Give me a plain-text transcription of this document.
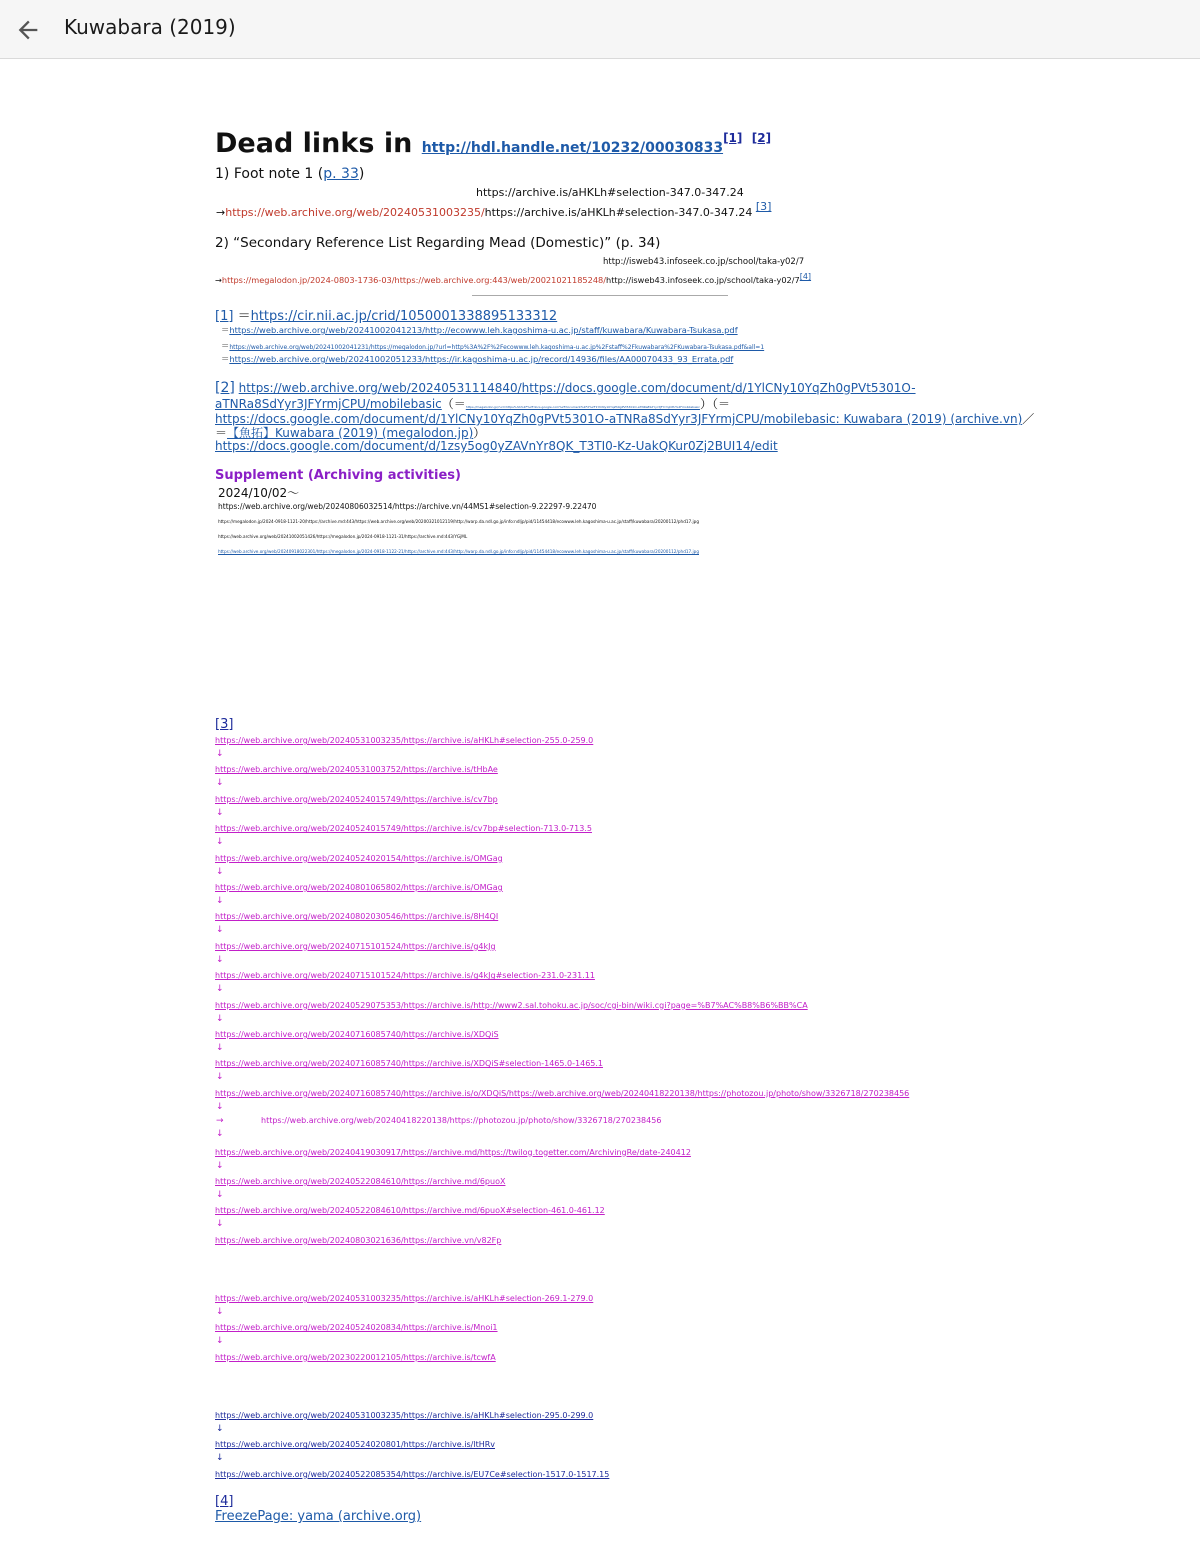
Kuwabara (2019)
Dead links in http://hdl.handle.net/10232/00030833[1] [2]
1) Foot note 1 (p. 33)
https://archive.is/aHKLh#selection-347.0-347.24
→https://web.archive.org/web/20240531003235/https://archive.is/aHKLh#selection-347.0-347.24 [3]
2) “Secondary Reference List Regarding Mead (Domestic)” (p. 34)
http://isweb43.infoseek.co.jp/school/taka-y02/7
→https://megalodon.jp/2024-0803-1736-03/https://web.archive.org:443/web/20021021185248/http://isweb43.infoseek.co.jp/school/taka-y02/7[4]
[1] ＝https://cir.nii.ac.jp/crid/1050001338895133312
＝https://web.archive.org/web/20241002041213/http://ecowww.leh.kagoshima-u.ac.jp/staff/kuwabara/Kuwabara-Tsukasa.pdf
＝https://web.archive.org/web/20241002041231/https://megalodon.jp/?url=http%3A%2F%2Fecowww.leh.kagoshima-u.ac.jp%2Fstaff%2Fkuwabara%2FKuwabara-Tsukasa.pdf&all=1
＝https://web.archive.org/web/20241002051233/https://ir.kagoshima-u.ac.jp/record/14936/files/AA00070433_93_Errata.pdf
[2] https://web.archive.org/web/20240531114840/https://docs.google.com/document/d/1YlCNy10YqZh0gPVt5301O-
aTNRa8SdYyr3JFYrmjCPU/mobilebasic（＝https://megalodon.jp/?url=https%3A%2F%2Fdocs.google.com%2Fdocument%2Fd%2F1YlCNy10YqZh0gPVt5301O-aTNRa8SdYyr3JFYrmjCPU%2Fmobilebasic）（＝
https://docs.google.com/document/d/1YlCNy10YqZh0gPVt5301O-aTNRa8SdYyr3JFYrmjCPU/mobilebasic: Kuwabara (2019) (archive.vn)／
＝【魚拓】Kuwabara (2019) (megalodon.jp)）
https://docs.google.com/document/d/1zsy5og0yZAVnYr8QK_T3TI0-Kz-UakQKur0Zj2BUI14/edit
Supplement (Archiving activities)
2024/10/02〜
https://web.archive.org/web/20240806032514/https://archive.vn/44MS1#selection-9.22297-9.22470
https://megalodon.jp/2024-0918-1121-20/https://archive.md:443/https://web.archive.org/web/20200321012119/http://warp.da.ndl.go.jp/info:ndljp/pid/11454418/ecowww.leh.kagoshima-u.ac.jp/staff/kuwabara/20200112/phd17.jpg
https://web.archive.org/web/20241002051426/https://megalodon.jp/2024-0918-1121-31/https://archive.md:443/YGjML
https://web.archive.org/web/20240918022301/https://megalodon.jp/2024-0918-1122-21/https://archive.md:443/http://warp.da.ndl.go.jp/info:ndljp/pid/11454418/ecowww.leh.kagoshima-u.ac.jp/staff/kuwabara/20200112/phd17.jpg
[3]
https://web.archive.org/web/20240531003235/https://archive.is/aHKLh#selection-255.0-259.0
↓
https://web.archive.org/web/20240531003752/https://archive.is/tHbAe
↓
https://web.archive.org/web/20240524015749/https://archive.is/cv7bp
↓
https://web.archive.org/web/20240524015749/https://archive.is/cv7bp#selection-713.0-713.5
↓
https://web.archive.org/web/20240524020154/https://archive.is/OMGag
↓
https://web.archive.org/web/20240801065802/https://archive.is/OMGag
↓
https://web.archive.org/web/20240802030546/https://archive.is/8H4QI
↓
https://web.archive.org/web/20240715101524/https://archive.is/g4kJg
↓
https://web.archive.org/web/20240715101524/https://archive.is/g4kJg#selection-231.0-231.11
↓
https://web.archive.org/web/20240529075353/https://archive.is/http://www2.sal.tohoku.ac.jp/soc/cgi-bin/wiki.cgi?page=%B7%AC%B8%B6%BB%CA
↓
https://web.archive.org/web/20240716085740/https://archive.is/XDQiS
↓
https://web.archive.org/web/20240716085740/https://archive.is/XDQiS#selection-1465.0-1465.1
↓
https://web.archive.org/web/20240716085740/https://archive.is/o/XDQiS/https://web.archive.org/web/20240418220138/https://photozou.jp/photo/show/3326718/270238456
↓
→	https://web.archive.org/web/20240418220138/https://photozou.jp/photo/show/3326718/270238456
↓
https://web.archive.org/web/20240419030917/https://archive.md/https://twilog.togetter.com/ArchivingRe/date-240412
↓
https://web.archive.org/web/20240522084610/https://archive.md/6puoX
↓
https://web.archive.org/web/20240522084610/https://archive.md/6puoX#selection-461.0-461.12
↓
https://web.archive.org/web/20240803021636/https://archive.vn/v82Fp
https://web.archive.org/web/20240531003235/https://archive.is/aHKLh#selection-269.1-279.0
↓
https://web.archive.org/web/20240524020834/https://archive.is/Mnoi1
↓
https://web.archive.org/web/20230220012105/https://archive.is/tcwfA
https://web.archive.org/web/20240531003235/https://archive.is/aHKLh#selection-295.0-299.0
↓
https://web.archive.org/web/20240524020801/https://archive.is/ltHRv
↓
https://web.archive.org/web/20240522085354/https://archive.is/EU7Ce#selection-1517.0-1517.15
[4]
FreezePage: yama (archive.org)
